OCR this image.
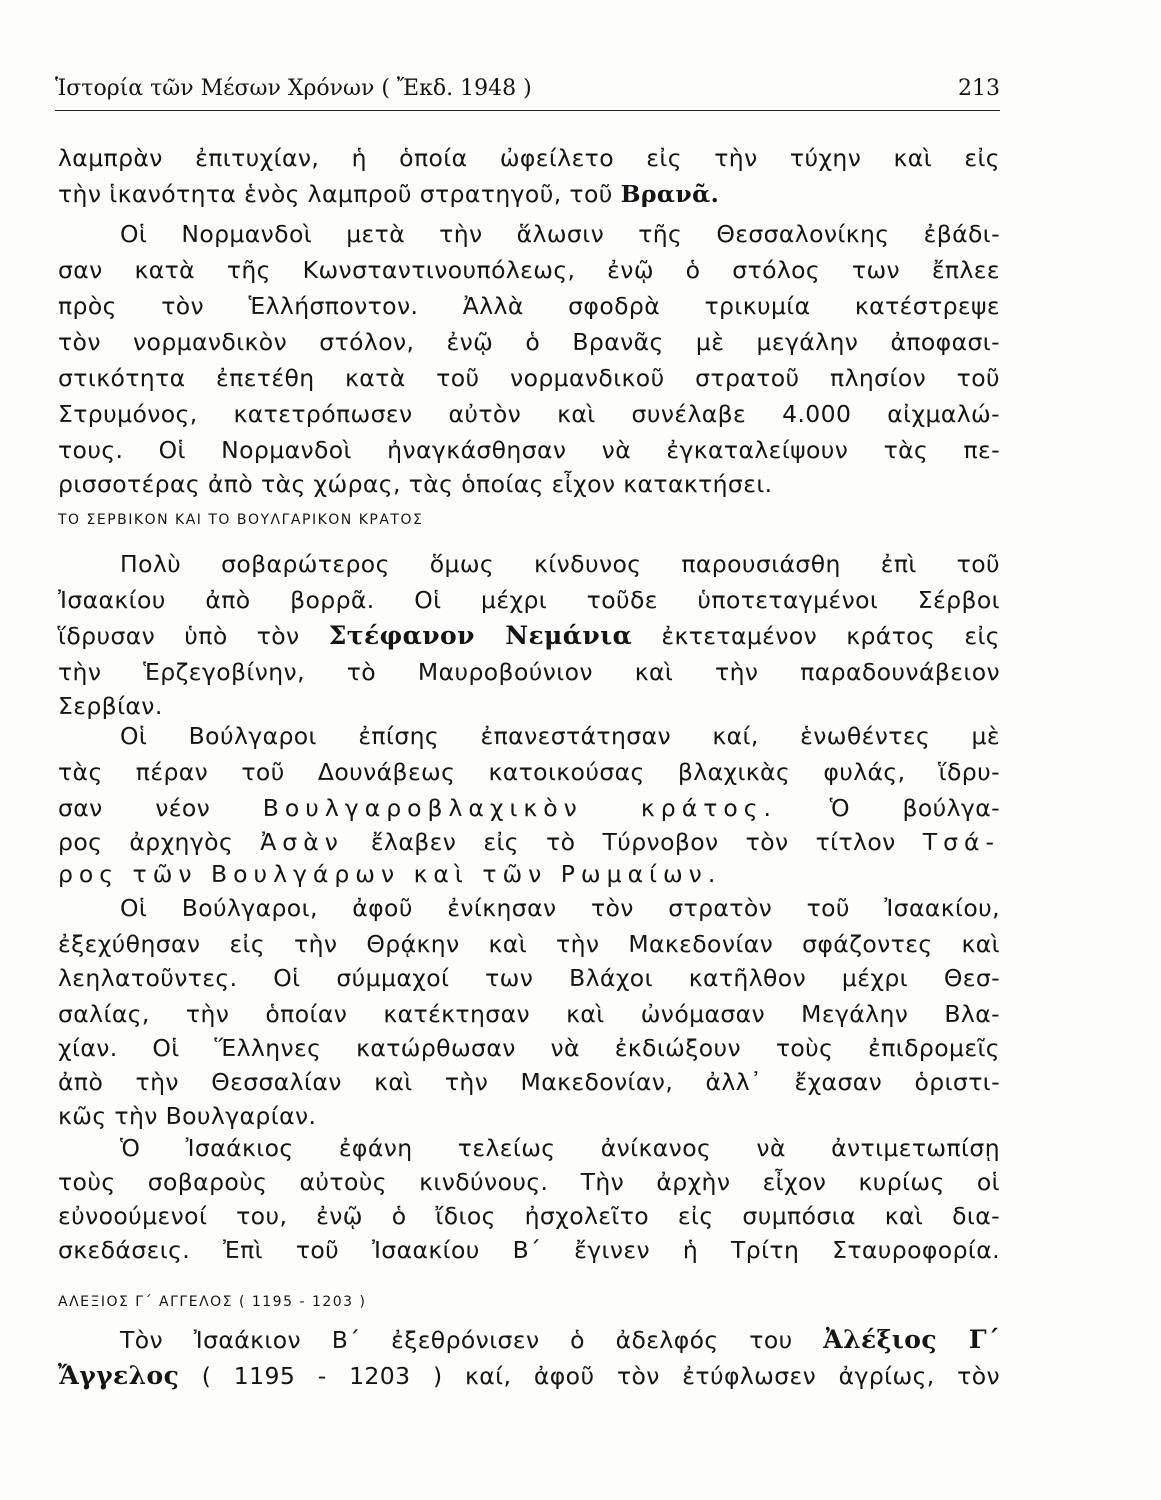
Ἱστορία τῶν Μέσων Χρόνων ( Ἔκδ. 1948 )	213
λαμπρὰν ἐπιτυχίαν, ἡ ὁποία ὠφείλετο εἰς τὴν τύχην καὶ εἰς
τὴν ἱκανότητα ἑνὸς λαμπροῦ στρατηγοῦ, τοῦ Βρανᾶ.
Οἱ Νορμανδοὶ μετὰ τὴν ἅλωσιν τῆς Θεσσαλονίκης ἐβάδι-
σαν κατὰ τῆς Κωνσταντινουπόλεως, ἐνῷ ὁ στόλος των ἔπλεε
πρὸς τὸν Ἑλλήσποντον. Ἀλλὰ σφοδρὰ τρικυμία κατέστρεψε
τὸν νορμανδικὸν στόλον, ἐνῷ ὁ Βρανᾶς μὲ μεγάλην ἀποφασι-
στικότητα ἐπετέθη κατὰ τοῦ νορμανδικοῦ στρατοῦ πλησίον τοῦ
Στρυμόνος, κατετρόπωσεν αὐτὸν καὶ συνέλαβε 4.000 αἰχμαλώ-
τους. Οἱ Νορμανδοὶ ἠναγκάσθησαν νὰ ἐγκαταλείψουν τὰς πε-
ρισσοτέρας ἀπὸ τὰς χώρας, τὰς ὁποίας εἶχον κατακτήσει.
ΤΟ ΣΕΡΒΙΚΟΝ ΚΑΙ ΤΟ ΒΟΥΛΓΑΡΙΚΟΝ ΚΡΑΤΟΣ
Πολὺ σοβαρώτερος ὅμως κίνδυνος παρουσιάσθη ἐπὶ τοῦ
Ἰσαακίου ἀπὸ βορρᾶ. Οἱ μέχρι τοῦδε ὑποτεταγμένοι Σέρβοι
ἵδρυσαν ὑπὸ τὸν Στέφανον Νεμάνια ἐκτεταμένον κράτος εἰς
τὴν Ἑρζεγοβίνην, τὸ Μαυροβούνιον καὶ τὴν παραδουνάβειον
Σερβίαν.
Οἱ Βούλγαροι ἐπίσης ἐπανεστάτησαν καί, ἑνωθέντες μὲ
τὰς πέραν τοῦ Δουνάβεως κατοικούσας βλαχικὰς φυλάς, ἵδρυ-
σαν νέον Βουλγαροβλαχικὸν κράτος. Ὁ βούλγα-
ρος ἀρχηγὸς Ἀσὰν ἔλαβεν εἰς τὸ Τύρνοβον τὸν τίτλον Τσά-
ρος τῶν Βουλγάρων καὶ τῶν Ρωμαίων.
Οἱ Βούλγαροι, ἀφοῦ ἐνίκησαν τὸν στρατὸν τοῦ Ἰσαακίου,
ἐξεχύθησαν εἰς τὴν Θρᾴκην καὶ τὴν Μακεδονίαν σφάζοντες καὶ
λεηλατοῦντες. Οἱ σύμμαχοί των Βλάχοι κατῆλθον μέχρι Θεσ-
σαλίας, τὴν ὁποίαν κατέκτησαν καὶ ὠνόμασαν Μεγάλην Βλα-
χίαν. Οἱ Ἕλληνες κατώρθωσαν νὰ ἐκδιώξουν τοὺς ἐπιδρομεῖς
ἀπὸ τὴν Θεσσαλίαν καὶ τὴν Μακεδονίαν, ἀλλ᾽ ἔχασαν ὁριστι-
κῶς τὴν Βουλγαρίαν.
Ὁ Ἰσαάκιος ἐφάνη τελείως ἀνίκανος νὰ ἀντιμετωπίσῃ
τοὺς σοβαροὺς αὐτοὺς κινδύνους. Τὴν ἀρχὴν εἶχον κυρίως οἱ
εὐνοούμενοί του, ἐνῷ ὁ ἴδιος ἠσχολεῖτο εἰς συμπόσια καὶ δια-
σκεδάσεις. Ἐπὶ τοῦ Ἰσαακίου Β΄ ἔγινεν ἡ Τρίτη Σταυροφορία.
ΑΛΕΞΙΟΣ Γ΄ ΑΓΓΕΛΟΣ ( 1195 - 1203 )
Τὸν Ἰσαάκιον Β΄ ἐξεθρόνισεν ὁ ἀδελφός του Ἀλέξιος Γ΄
Ἄγγελος ( 1195 - 1203 ) καί, ἀφοῦ τὸν ἐτύφλωσεν ἀγρίως, τὸν
